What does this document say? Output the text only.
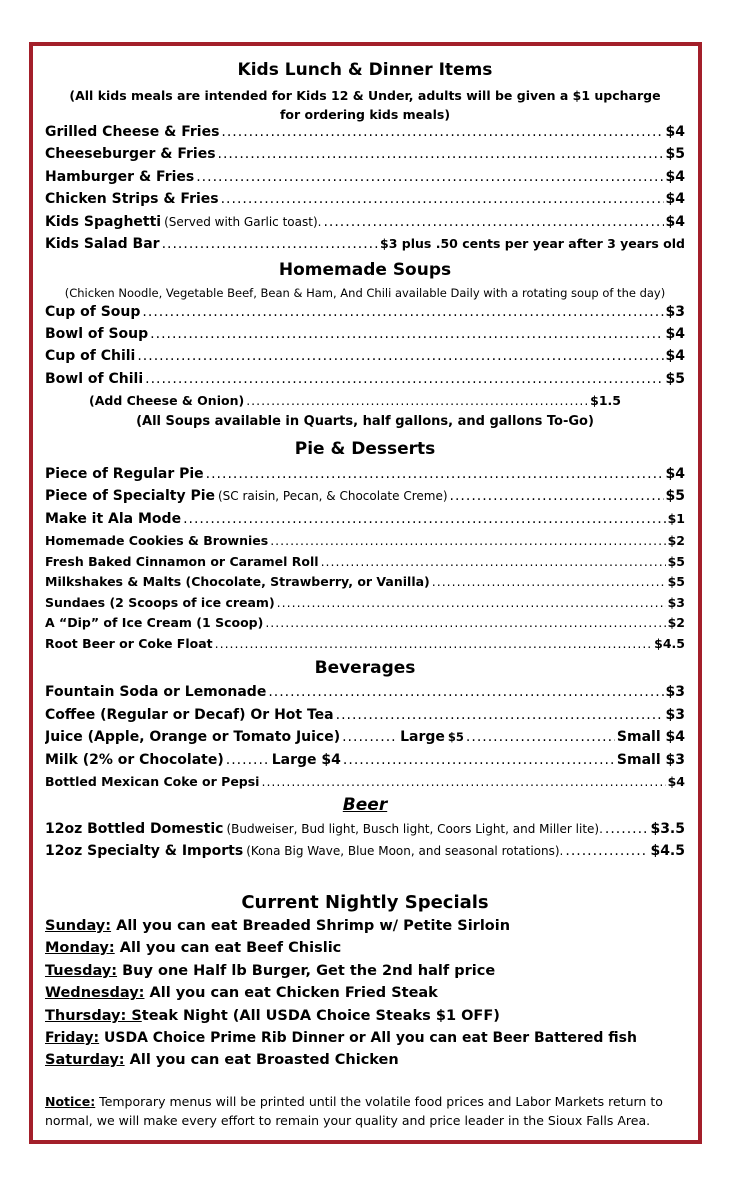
Kids Lunch & Dinner Items
(All kids meals are intended for Kids 12 & Under, adults will be given a $1 upcharge for ordering kids meals)
Grilled Cheese & Fries .....	$4
Cheeseburger & Fries .....	$5
Hamburger & Fries .....	$4
Chicken Strips & Fries .....	$4
Kids Spaghetti (Served with Garlic toast). .....	$4
Kids Salad Bar .....	$3 plus .50 cents per year after 3 years old
Homemade Soups
(Chicken Noodle, Vegetable Beef, Bean & Ham, And Chili available Daily with a rotating soup of the day)
Cup of Soup .....	$3
Bowl of Soup .....	$4
Cup of Chili .....	$4
Bowl of Chili .....	$5
(Add Cheese & Onion) .....	$1.5
(All Soups available in Quarts, half gallons, and gallons To-Go)
Pie & Desserts
Piece of Regular Pie .....	$4
Piece of Specialty Pie (SC raisin, Pecan, & Chocolate Creme) .....	$5
Make it Ala Mode .....	$1
Homemade Cookies & Brownies .....	$2
Fresh Baked Cinnamon or Caramel Roll .....	$5
Milkshakes & Malts (Chocolate, Strawberry, or Vanilla) .....	$5
Sundaes (2 Scoops of ice cream) .....	$3
A “Dip” of Ice Cream (1 Scoop) .....	$2
Root Beer or Coke Float .....	$4.5
Beverages
Fountain Soda or Lemonade .....	$3
Coffee (Regular or Decaf) Or Hot Tea .....	$3
Juice (Apple, Orange or Tomato Juice) .....	Large $5 .....	Small $4
Milk (2% or Chocolate) .....	Large $4 .....	Small $3
Bottled Mexican Coke or Pepsi .....	$4
Beer
12oz Bottled Domestic (Budweiser, Bud light, Busch light, Coors Light, and Miller lite). .....	$3.5
12oz Specialty & Imports (Kona Big Wave, Blue Moon, and seasonal rotations). .....	$4.5
Current Nightly Specials
Sunday: All you can eat Breaded Shrimp w/ Petite Sirloin
Monday: All you can eat Beef Chislic
Tuesday: Buy one Half lb Burger, Get the 2nd half price
Wednesday: All you can eat Chicken Fried Steak
Thursday: Steak Night (All USDA Choice Steaks $1 OFF)
Friday: USDA Choice Prime Rib Dinner or All you can eat Beer Battered fish
Saturday: All you can eat Broasted Chicken
Notice: Temporary menus will be printed until the volatile food prices and Labor Markets return to normal, we will make every effort to remain your quality and price leader in the Sioux Falls Area.
